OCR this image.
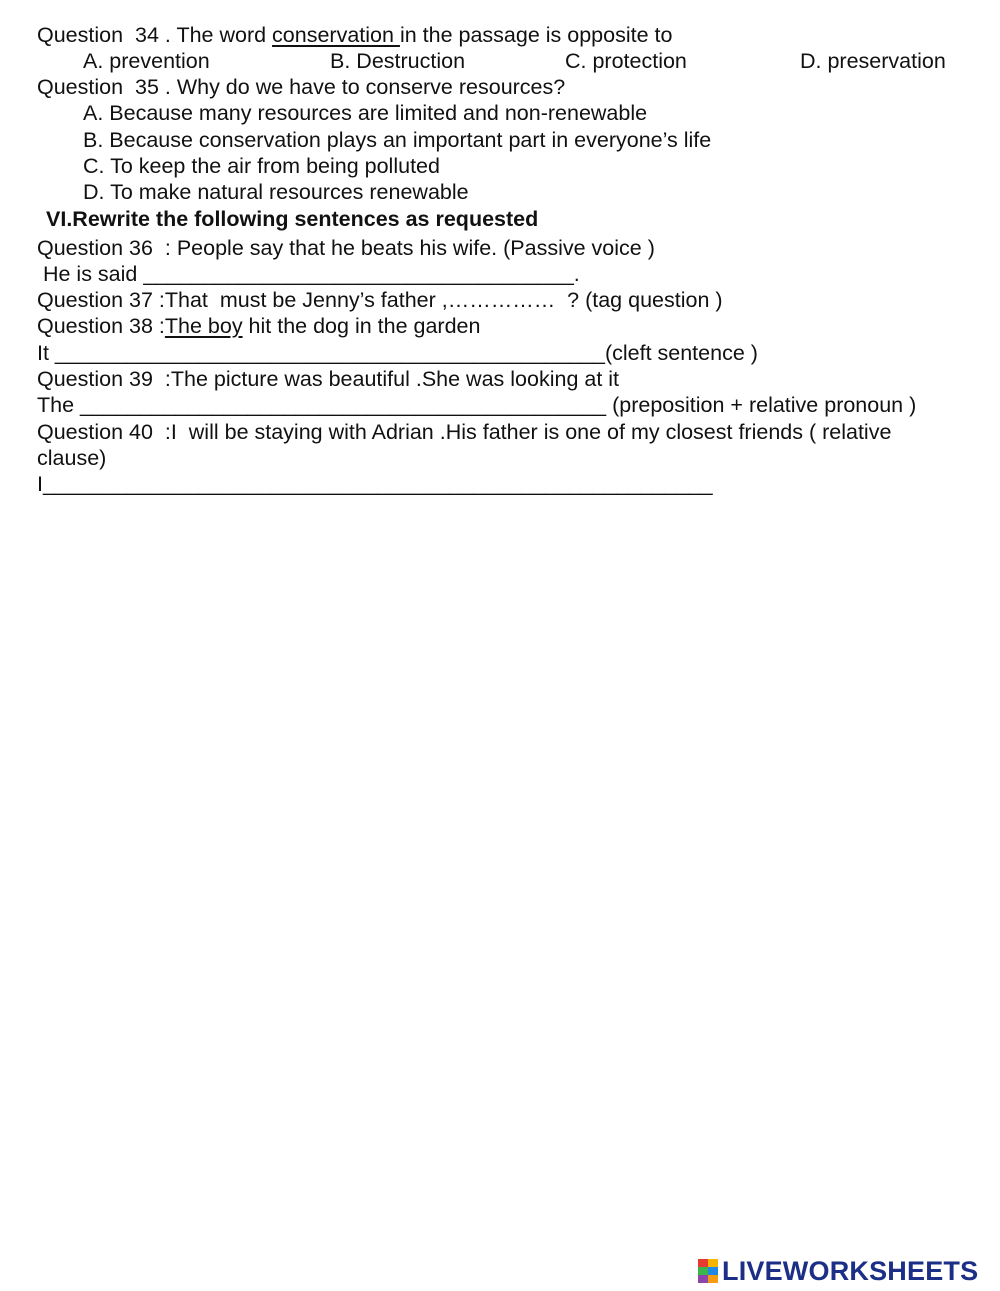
Question  34 . The word conservation in the passage is opposite to
A. prevention	B. Destruction	C. protection	D. preservation
Question  35 . Why do we have to conserve resources?
A. Because many resources are limited and non-renewable
B. Because conservation plays an important part in everyone’s life
C. To keep the air from being polluted
D. To make natural resources renewable
VI.Rewrite the following sentences as requested
Question 36  : People say that he beats his wife. (Passive voice )
He is said ____________________________________.
Question 37 :That  must be Jenny’s father ,……………  ? (tag question )
Question 38 :The boy hit the dog in the garden
It ______________________________________________(cleft sentence )
Question 39  :The picture was beautiful .She was looking at it
The ____________________________________________ (preposition + relative pronoun )
Question 40  :I  will be staying with Adrian .His father is one of my closest friends ( relative
clause)
I________________________________________________________
LIVEWORKSHEETS
